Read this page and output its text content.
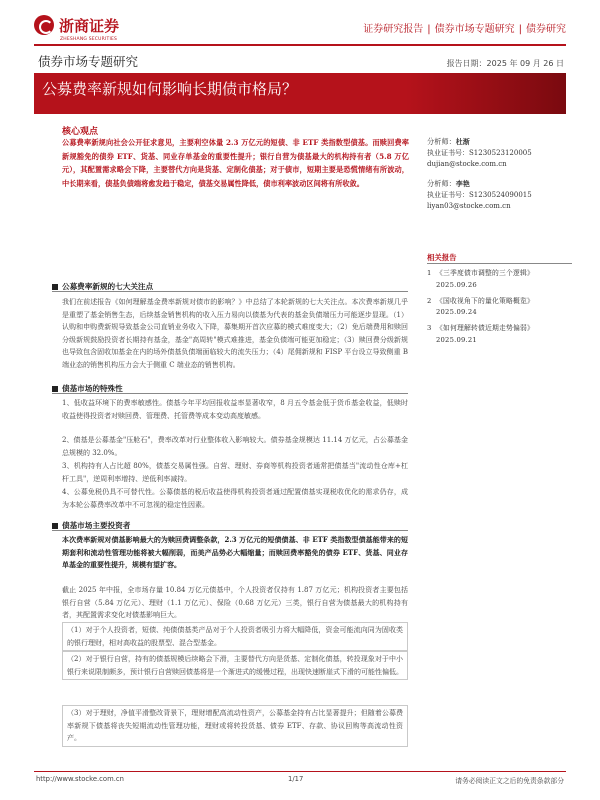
浙商证券
ZHESHANG SECURITIES
证券研究报告 | 债券市场专题研究 | 债券研究
债券市场专题研究	报告日期：2025 年 09 月 26 日
公募费率新规如何影响长期债市格局？
核心观点
公募费率新规向社会公开征求意见，主要利空体量 2.3 万亿元的短债、非 ETF 类指数型债基。而赎回费率新规豁免的债券 ETF、货基、同业存单基金的重要性提升；银行自营为债基最大的机构持有者（5.8 万亿元），其配置需求略会下降，主要替代方向是货基、定制化债基；对于债市，短期主要是恐慌情绪有所波动，中长期来看，债基负债端将愈发趋于稳定，债基交易属性降低，债市利率波动区间将有所收敛。
公募费率新规的七大关注点
我们在前述报告《如何理解基金费率新规对债市的影响？》中总结了本轮新规的七大关注点。本次费率新规几乎是重塑了基金销售生态，后续基金销售机构的收入压力易向以债基为代表的基金负债端压力可能逐步显现。（1）认购和申购费新规导致基金公司直销业务收入下降，募集期开首次应募的模式难度变大；（2）免后端费用和赎回分级新规鼓励投资者长期持有基金，基金"高周转"模式难推进，基金负债端可能更加稳定；（3）赎回费分级新规也导致包含固收加基金在内的场外债基负债端面临较大的流失压力；（4）尾佣新规和 FISP 平台设立导致侧重 B 端业态的销售机构压力会大于侧重 C 端业态的销售机构。
债基市场的特殊性
1、低收益环境下的费率敏感性。债基今年平均回报收益率显著收窄，8 月五令基金低于货币基金收益，低赎时收益使得投资者对赎回费、管理费、托管费等成本变动高度敏感。
2、债基是公募基金"压舱石"，费率改革对行业整体收入影响较大。债券基金规模达 11.14 万亿元，占公募基金总规模的 32.0%。
3、机构持有人占比超 80%，债基交易属性强。自营、理财、券商等机构投资者通常把债基当"流动性仓库+杠杆工具"，逆周利率增持、逆低利率减持。
4、公募免税仍具不可替代性。公募债基的税后收益使得机构投资者通过配置债基实现税收优化的需求仍存，成为本轮公募费率改革中不可忽视的稳定性因素。
债基市场主要投资者
本次费率新规对债基影响最大的为赎回费调整条款，2.3 万亿元的短债债基、非 ETF 类指数型债基能带来的短期套利和流动性管理功能将被大幅削弱，而美产品势必大幅缩量；而赎回费率豁免的债券 ETF、货基、同业存单基金的重要性提升，规模有望扩容。
截止 2025 年中报，全市场存量 10.84 万亿元债基中，个人投资者仅持有 1.87 万亿元；机构投资者主要包括银行自营（5.84 万亿元）、理财（1.1 万亿元）、保险（0.68 万亿元）三类，银行自营为债基最大的机构持有者，其配置需求变化对债基影响巨大。
（1）对于个人投资者，短债、纯债债基类产品对于个人投资者吸引力将大幅降低，资金可能流向同为固收类的银行理财，相对高收益的股票型、混合型基金。
（2）对于银行自营，持有的债基规模后续略会下滑，主要替代方向是货基、定制化债基，转投现象对于中小银行来说限制颇多，预计银行自营赎回债基将是一个渐进式的缓慢过程，出现快速断崖式下滑的可能性偏低。
（3）对于理财，净值平滑整改背景下，理财增配高流动性资产，公募基金持有占比显著提升；但随着公募费率新规下债基将丧失短期流动性管理功能，理财或将转投货基、债券 ETF、存款、协议回购等高流动性资产。
分析师：杜渐
执业证书号：S1230523120005
dujian@stocke.com.cn
分析师：李艳
执业证书号：S1230524090015
liyan03@stocke.com.cn
相关报告
1 《三季度债市调整的三个逻辑》 2025.09.26
2 《国收视角下的量化策略概览》 2025.09.24
3 《如何理解转债近期走势偏弱》 2025.09.21
http://www.stocke.com.cn	1/17	请务必阅读正文之后的免责条款部分
